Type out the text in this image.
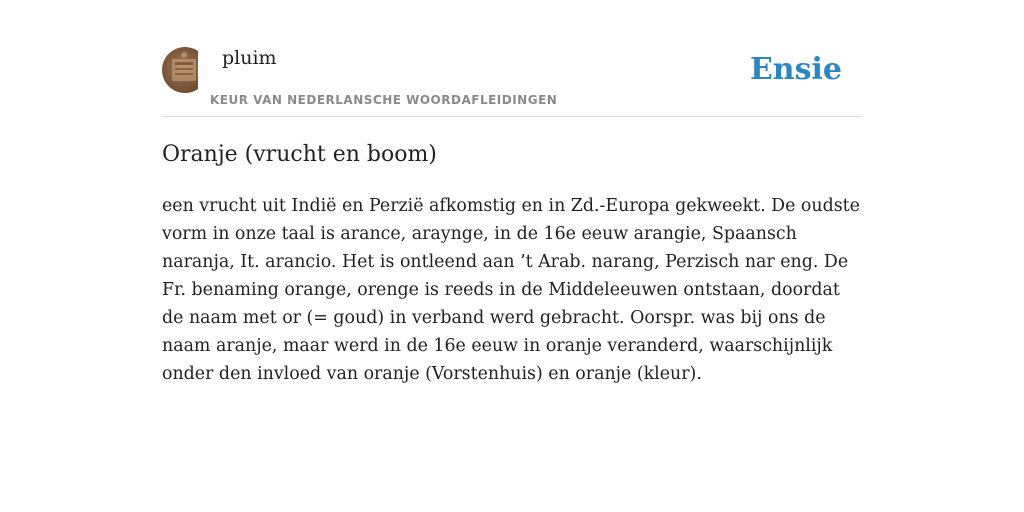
pluim
KEUR VAN NEDERLANSCHE WOORDAFLEIDINGEN
Ensie
Oranje (vrucht en boom)

een vrucht uit Indië en Perzië afkomstig en in Zd.-Europa gekweekt. De oudste vorm in onze taal is arance, araynge, in de 16e eeuw arangie, Spaansch naranja, It. arancio. Het is ontleend aan ’t Arab. narang, Perzisch nar eng. De Fr. benaming orange, orenge is reeds in de Middeleeuwen ontstaan, doordat de naam met or (= goud) in verband werd gebracht. Oorspr. was bij ons de naam aranje, maar werd in de 16e eeuw in oranje veranderd, waarschijnlijk onder den invloed van oranje (Vorstenhuis) en oranje (kleur).
